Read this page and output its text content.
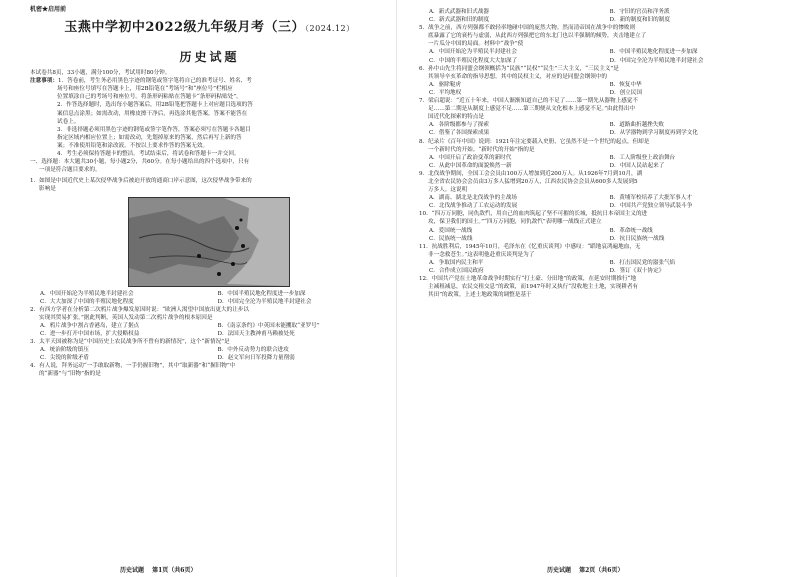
机密★启用前

玉燕中学初中2022级九年级月考（三）（2024.12）

历史试题

本试卷共8页，33小题，满分100分，考试用时80分钟。

注意事项：1．答卷前，考生务必用黑色字迹的钢笔或签字笔将自己的准考证号、姓名、考

场号和座位号填写在答题卡上，用2B铅笔在“考场号”和“座位号”栏相应

位置填涂自己的考场号和座位号。将条形码粘贴在答题卡“条形码粘贴处”。

2．作答选择题时，选出每小题答案后，用2B铅笔把答题卡上对应题目选项的答

案信息点涂黑；如需改动，用橡皮擦干净后，再选涂其他答案，答案不能答在

试卷上。

3．非选择题必须用黑色字迹的钢笔或签字笔作答，答案必须写在答题卡各题目

指定区域内相应位置上；如需改动，先划掉原来的答案，然后再写上新的答

案；不准使用铅笔和涂改液。不按以上要求作答的答案无效。

4．考生必须保持答题卡的整洁。考试结束后，将试卷和答题卡一并交回。

一、选择题：本大题共30小题，每小题2分，共60分。在每小题给出的四个选项中，只有

一项是符合题目要求的。

1．如图是中国近代史上某次侵华战争后被迫开放的通商口岸示意图，这次侵华战争带来的

影响是

A．中国开始沦为半殖民地半封建社会	B．中国半殖民地化程度进一步加深

C．大大加深了中国的半殖民地化程度	D．中国完全沦为半殖民地半封建社会

2．有西方学者在分析第二次鸦片战争爆发原因时说：“欧洲人渴望中国放出更大的让步以

实现其贸易扩张。”据此判断，英国人发动第二次鸦片战争的根本原因是

A．鸦片战争中割占香港岛，建立了据点	B．《南京条约》中英国未能攫取“亚罗号”

C．进一步打开中国市场，扩大侵略权益	D．法国天主教神甫马赖被处死

3．太平天国被称为是“中国历史上农民战争所不曾有的新情况”，这个“新情况”是

A．统治阶级的镇压	B．中外反动势力的联合进攻

C．尖锐的阶级矛盾	D．赵文军向日军投降力量削弱

4．有人说，拜务运动“一手敢取新物，一手仍握旧物”，其中“取新器”和“握旧物”中

的“新器”与“旧物”指的是

历史试题 第1页（共6页）

A．新式武器和旧式战器	B．守旧的官员和洋务派

C．新式武器和旧的制度	D．新的制度和旧的制度

5．战争之前，西方列强都不敢轻率地碰中国的庞然大物。然而清帝国在战争中的惨败则

底暴露了它的衰朽与虚弱，从此西方列强把它的东北门也以半强制的倾势，夹击地建立了

一片瓜分中国的局面。材料中“战争”使

A．中国开始沦为半殖民半封建社会	B．中国半殖民地化程度进一步加深

C．中国的半殖民化程度大大加深了	D．中国完全沦为半殖民地半封建社会

6．孙中山先生将同盟会纲领概括为“民族”“民权”“民生”三大主义，“三民主义”是

其领导辛亥革命的指导思想。其中的民权主义，对应的是同盟会纲领中的

A．驱除鞑虏	B．恢复中华

C．平均地权	D．创立民国

7．梁启超说：“近五十年来，中国人渐渐知道自己的不足了……第一期先从器物上感觉不

足……第二期是从制度上感觉不足……第三期便从文化根本上感觉不足。”由此得出中

国近代化探索的特点是

A．各阶级都参与了探索	B．道路曲折越挫失败

C．借鉴了各国探索成果	D．从学器物到学习制度再到学文化

8．纪录片《百年中国》说到：1921年注定要载入史册，它虽然不是一个世纪的起点，但却是

一个新时代的开始。“新时代的开始”指的是

A．中国开启了政治变革的新时代	B．工人阶级登上政治舞台

C．从此中国革命的面貌焕然一新	D．中国人民站起来了

9．北伐战争期间，全国工会会员由100万人增加到近200万人。从1926年7月到10月，湖

北全省农民协会会员由3万多人猛增到20万人，江西农民协会会员从600多人发展到5

万多人。这说明

A．湖南、湖北是北伐战争的主战场	B．黄埔军校培养了大批军事人才

C．北伐战争推动了工农运动的发展	D．中国共产党独立领导武装斗争

10．“四万万同胞，同仇敌忾，用自己的血肉筑起了坚不可摧的长城，抵抗日本帝国主义的进

攻，保卫我们的国土。”“四万万同胞，同仇敌忾”表明哪一战线正式建立

A．爱国统一战线	B．革命统一战线

C．民族统一战线	D．抗日民族统一战线

11．抗战胜利后，1945年10月，毛泽东在《忆重庆谈判》中感叹：“蹈地哀鸿遍地血，无

非一念救苍生。”这表明他赴重庆谈判是为了

A．争取国内民主和平	B．打击国民党的嚣张气焰

C．合作成立国民政府	D．签订《双十协定》

12．中国共产党在土地革命战争时期实行“打土豪、分田地”的政策，在延安时期推行“地

主减租减息，农民交租交息”的政策，而1947年时又执行“没收地主土地，实现耕者有

其田”的政策。上述土地政策的调整是基于

历史试题 第2页（共6页）
